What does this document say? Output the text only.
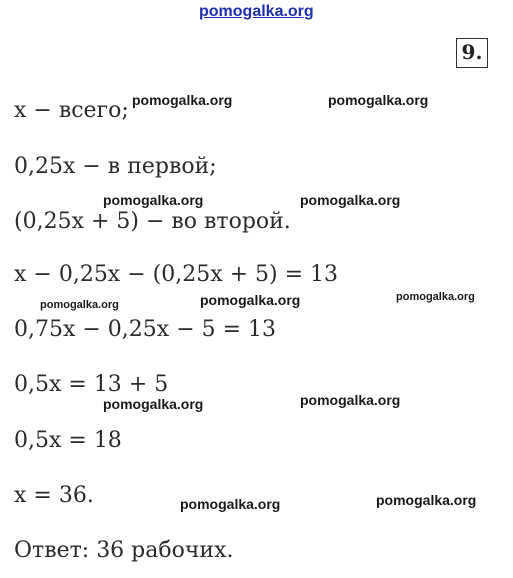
pomogalka.org
9.
x − всего;
0,25x − в первой;
(0,25x + 5) − во второй.
x − 0,25x − (0,25x + 5) = 13
0,75x − 0,25x − 5 = 13
0,5x = 13 + 5
0,5x = 18
x = 36.
Ответ: 36 рабочих.
pomogalka.org	pomogalka.org
pomogalka.org	pomogalka.org
pomogalka.org	pomogalka.org	pomogalka.org
pomogalka.org	pomogalka.org
pomogalka.org	pomogalka.org
